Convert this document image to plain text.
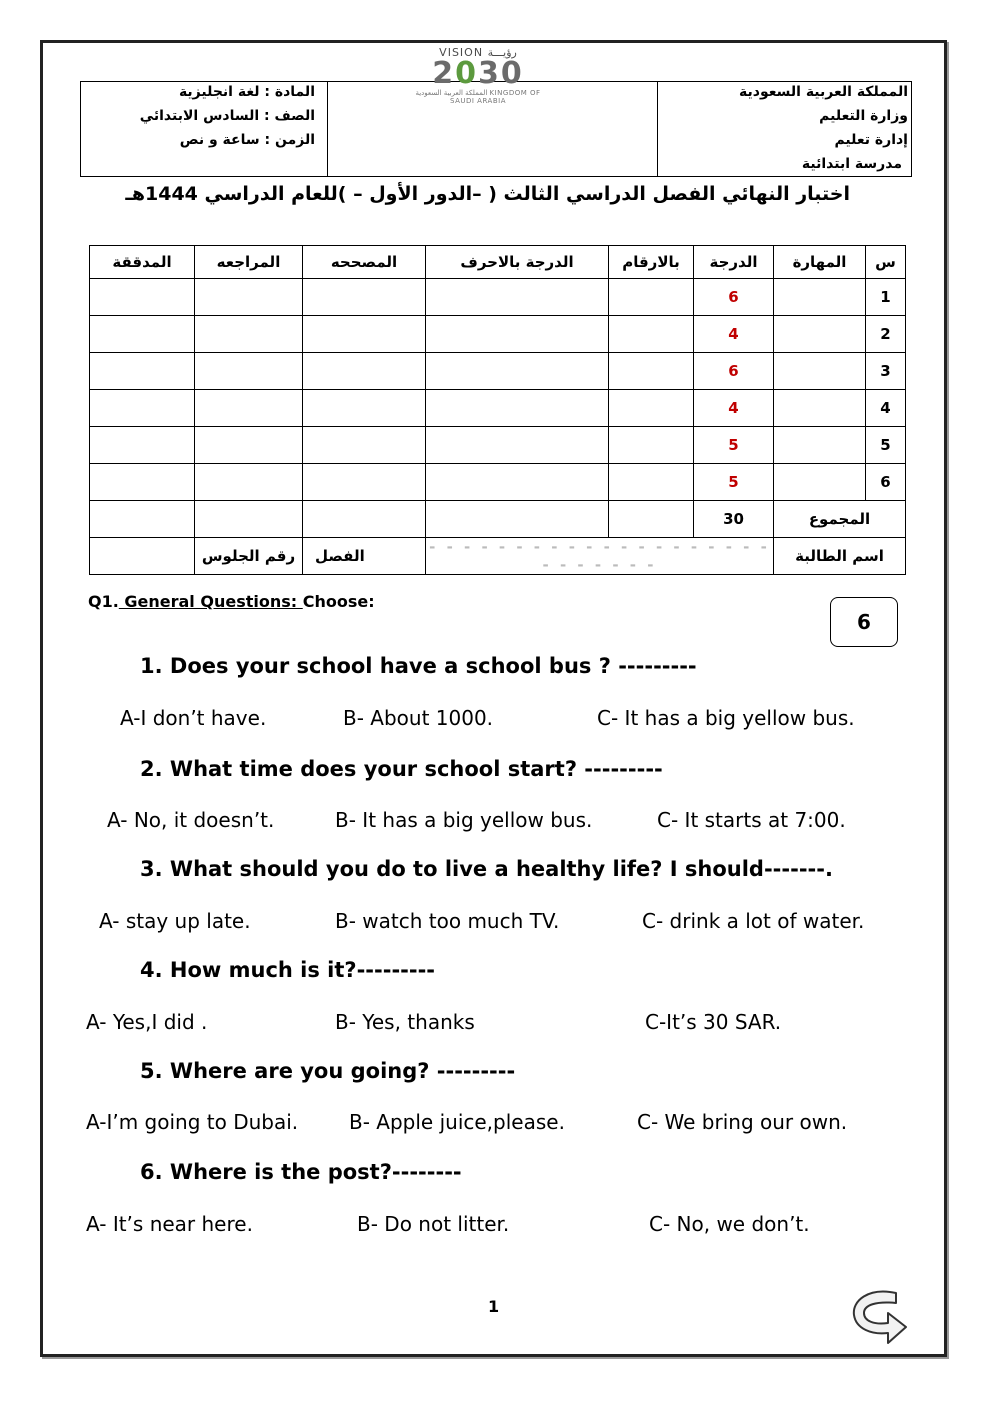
المملكة العربية السعودية
وزارة التعليم
إدارة تعليم
مدرسة ابتدائية
المادة : لغة انجليزية
الصف : السادس الابتدائي
الزمن : ساعة و نص
VISION رؤيـــة
2030
المملكة العربية السعودية KINGDOM OF SAUDI ARABIA
اختبار النهائي الفصل الدراسي الثالث ( –الدور الأول – )للعام الدراسي 1444هـ
س	المهارة	الدرجة	بالارقام	الدرجة بالاحرف	المصححه	المراجعه	المدققة
1		6					
2		4					
3		6					
4		4					
5		5					
6		5					
المجموع		30					
اسم الطالبة		- - - - - - - - - - - - - - - - - - - - - - - - - - -			الفصل	رقم الجلوس	
Q1. General Questions: Choose:
6
1. Does your school have a school bus ? ---------
A-I don’t have.	B- About 1000.	C- It has a big yellow bus.
2. What time does your school start? ---------
A- No, it doesn’t.	B- It has a big yellow bus.	C- It starts at 7:00.
3. What should you do to live a healthy life? I should-------.
A- stay up late.	B- watch too much TV.	C- drink a lot of water.
4. How much is it?---------
A- Yes,I did .	B- Yes, thanks	C-It’s 30 SAR.
5. Where are you going? ---------
A-I’m going to Dubai.	B- Apple juice,please.	C- We bring our own.
6. Where is the post?--------
A- It’s near here.	B- Do not litter.	C- No, we don’t.
1
